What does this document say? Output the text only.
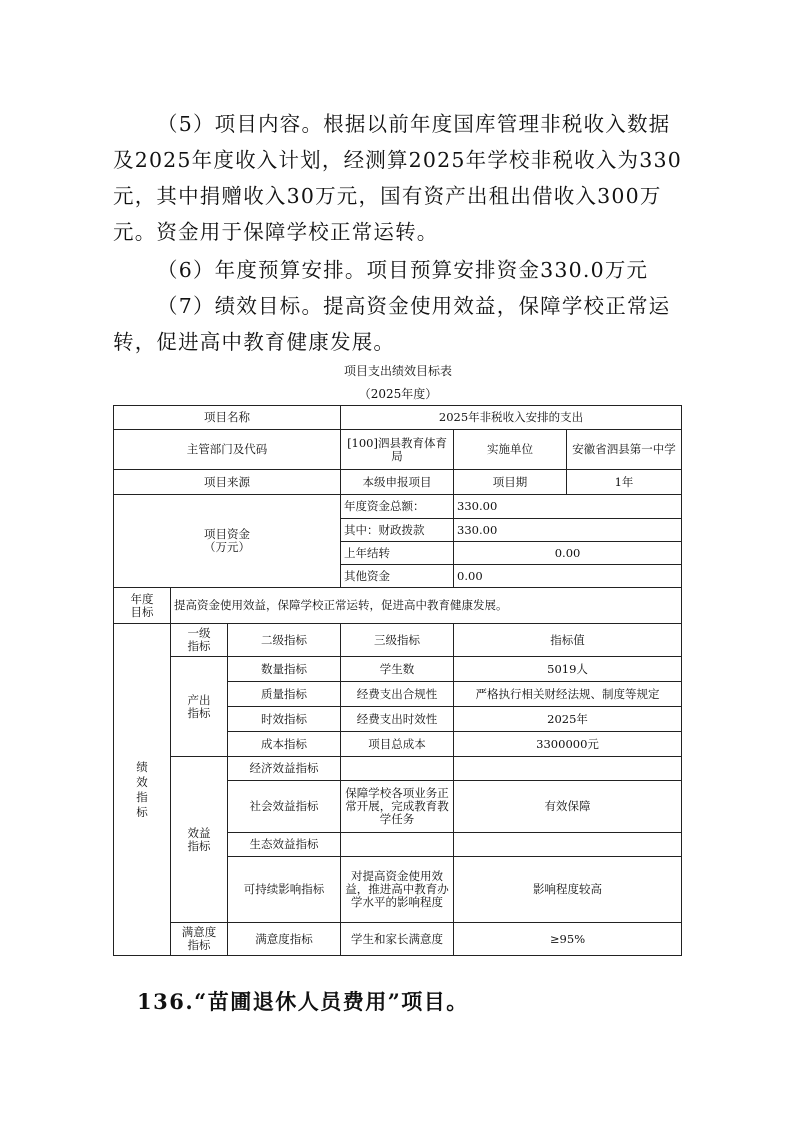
（5）项目内容。根据以前年度国库管理非税收入数据及2025年度收入计划，经测算2025年学校非税收入为330元，其中捐赠收入30万元，国有资产出租出借收入300万元。资金用于保障学校正常运转。

（6）年度预算安排。项目预算安排资金330.0万元

（7）绩效目标。提高资金使用效益，保障学校正常运转，促进高中教育健康发展。

项目支出绩效目标表

（2025年度）

项目名称			2025年非税收入安排的支出		
主管部门及代码			[100]泗县教育体育局	实施单位	安徽省泗县第一中学
项目来源			本级申报项目	项目期	1年
项目资金（万元）			年度资金总额：	330.00	
			其中：财政拨款	330.00	
			上年结转	0.00	
			其他资金	0.00	
年度目标	提高资金使用效益，保障学校正常运转，促进高中教育健康发展。				
绩效指标	一级指标	二级指标	三级指标	指标值	
	产出指标	数量指标	学生数	5019人	
		质量指标	经费支出合规性	严格执行相关财经法规、制度等规定	
		时效指标	经费支出时效性	2025年	
		成本指标	项目总成本	3300000元	
	效益指标	经济效益指标			
		社会效益指标	保障学校各项业务正常开展，完成教育教学任务	有效保障	
		生态效益指标			
		可持续影响指标	对提高资金使用效益，推进高中教育办学水平的影响程度	影响程度较高	
	满意度指标	满意度指标	学生和家长满意度	≥95%	

136.“苗圃退休人员费用”项目。
